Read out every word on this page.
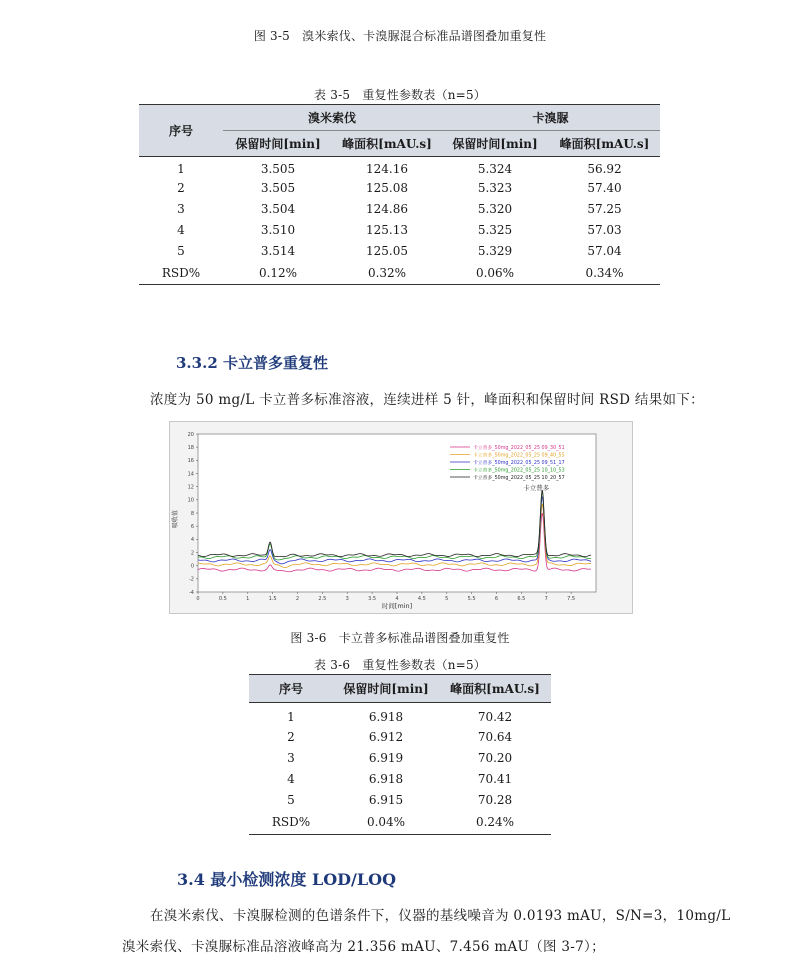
图 3-5　溴米索伐、卡溴脲混合标准品谱图叠加重复性
表 3-5　重复性参数表（n=5）
序号	溴米索伐		卡溴脲	
	保留时间[min]	峰面积[mAU.s]	保留时间[min]	峰面积[mAU.s]
1	3.505	124.16	5.324	56.92
2	3.505	125.08	5.323	57.40
3	3.504	124.86	5.320	57.25
4	3.510	125.13	5.325	57.03
5	3.514	125.05	5.329	57.04
RSD%	0.12%	0.32%	0.06%	0.34%
3.3.2 卡立普多重复性
浓度为 50 mg/L 卡立普多标准溶液，连续进样 5 针，峰面积和保留时间 RSD 结果如下：
吸收值
时间[min]
0	0.5	1	1.5	2	2.5	3	3.5	4	4.5	5	5.5	6	6.5	7	7.5
20
18
16
14
12
10
8
6
4
2
0
-2
-4
卡立普多_50mg_2022_05_25 09_30_51
卡立普多_50mg_2022_05_25 09_40_55
卡立普多_50mg_2022_05_25 09_51_17
卡立普多_50mg_2022_05_25 10_10_53
卡立普多_50mg_2022_05_25 10_20_57
卡立普多
图 3-6　卡立普多标准品谱图叠加重复性
表 3-6　重复性参数表（n=5）
序号	保留时间[min]	峰面积[mAU.s]
1	6.918	70.42
2	6.912	70.64
3	6.919	70.20
4	6.918	70.41
5	6.915	70.28
RSD%	0.04%	0.24%
3.4 最小检测浓度 LOD/LOQ
在溴米索伐、卡溴脲检测的色谱条件下，仪器的基线噪音为 0.0193 mAU，S/N=3，10mg/L
溴米索伐、卡溴脲标准品溶液峰高为 21.356 mAU、7.456 mAU（图 3-7）；
